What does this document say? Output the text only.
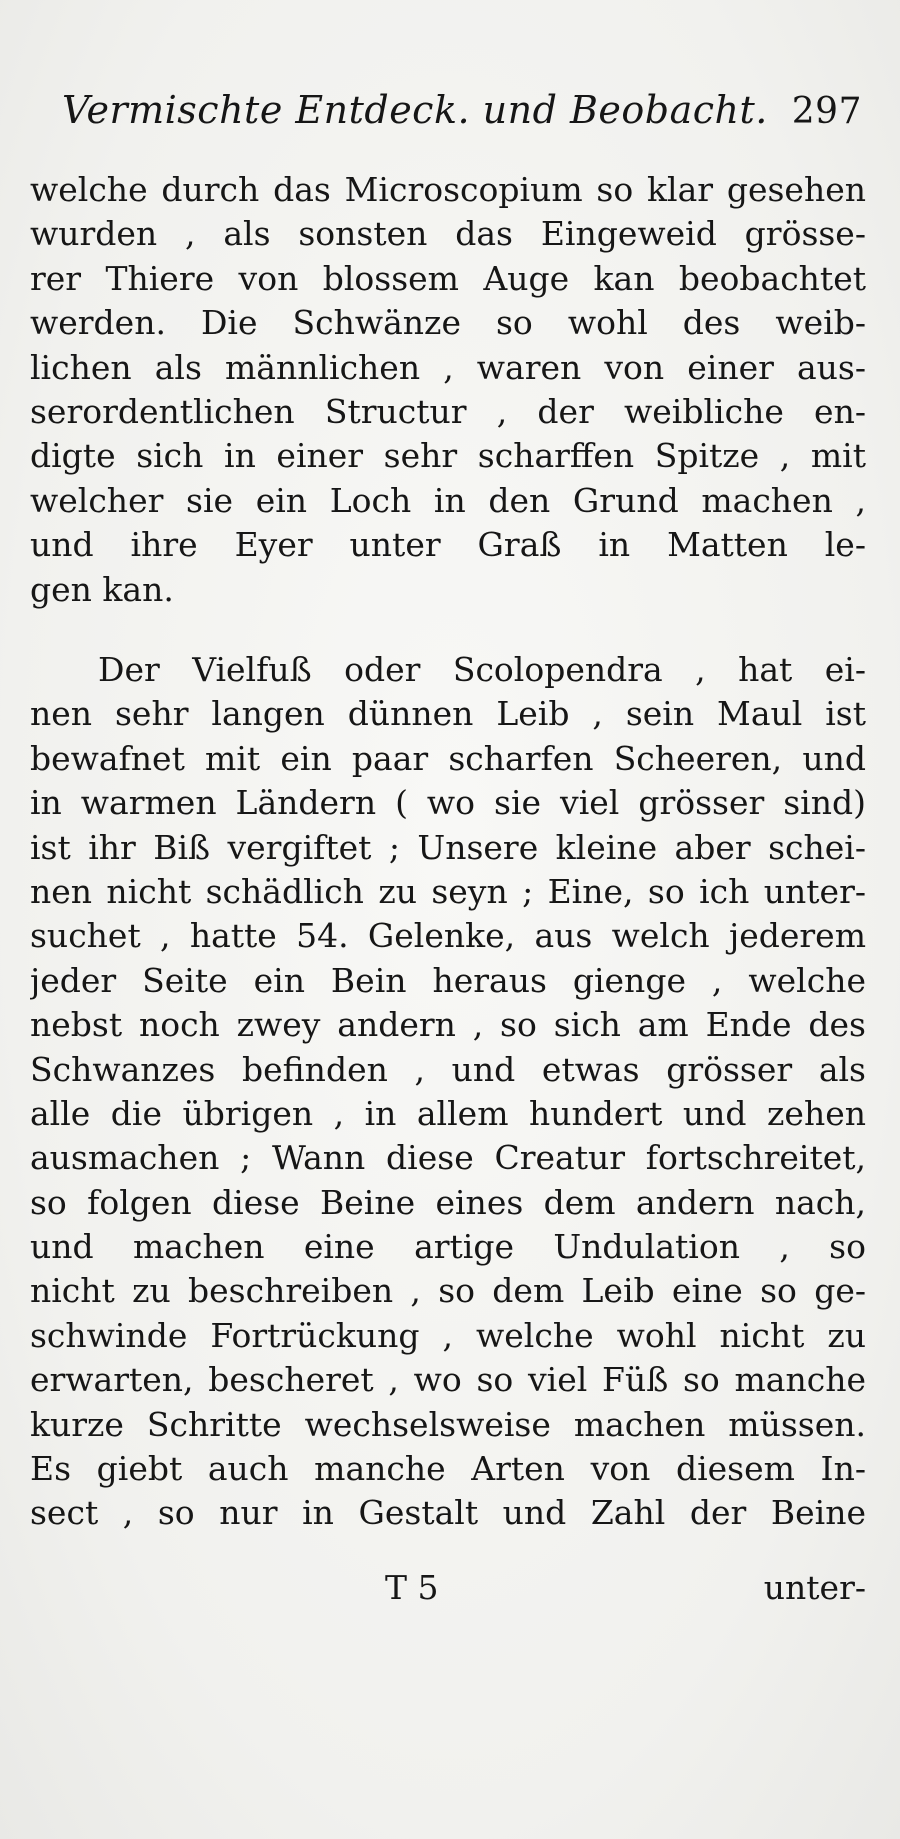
Vermischte Entdeck. und Beobacht. 297
welche durch das Microscopium so klar gesehen
wurden , als sonsten das Eingeweid grösse-
rer Thiere von blossem Auge kan beobachtet
werden. Die Schwänze so wohl des weib-
lichen als männlichen , waren von einer aus-
serordentlichen Structur , der weibliche en-
digte sich in einer sehr scharffen Spitze , mit
welcher sie ein Loch in den Grund machen ,
und ihre Eyer unter Graß in Matten le-
gen kan.
Der Vielfuß oder Scolopendra , hat ei-
nen sehr langen dünnen Leib , sein Maul ist
bewafnet mit ein paar scharfen Scheeren, und
in warmen Ländern ( wo sie viel grösser sind)
ist ihr Biß vergiftet ; Unsere kleine aber schei-
nen nicht schädlich zu seyn ; Eine, so ich unter-
suchet , hatte 54. Gelenke, aus welch jederem
jeder Seite ein Bein heraus gienge , welche
nebst noch zwey andern , so sich am Ende des
Schwanzes befinden , und etwas grösser als
alle die übrigen , in allem hundert und zehen
ausmachen ; Wann diese Creatur fortschreitet,
so folgen diese Beine eines dem andern nach,
und machen eine artige Undulation , so
nicht zu beschreiben , so dem Leib eine so ge-
schwinde Fortrückung , welche wohl nicht zu
erwarten, bescheret , wo so viel Füß so manche
kurze Schritte wechselsweise machen müssen.
Es giebt auch manche Arten von diesem In-
sect , so nur in Gestalt und Zahl der Beine
T 5	unter-
